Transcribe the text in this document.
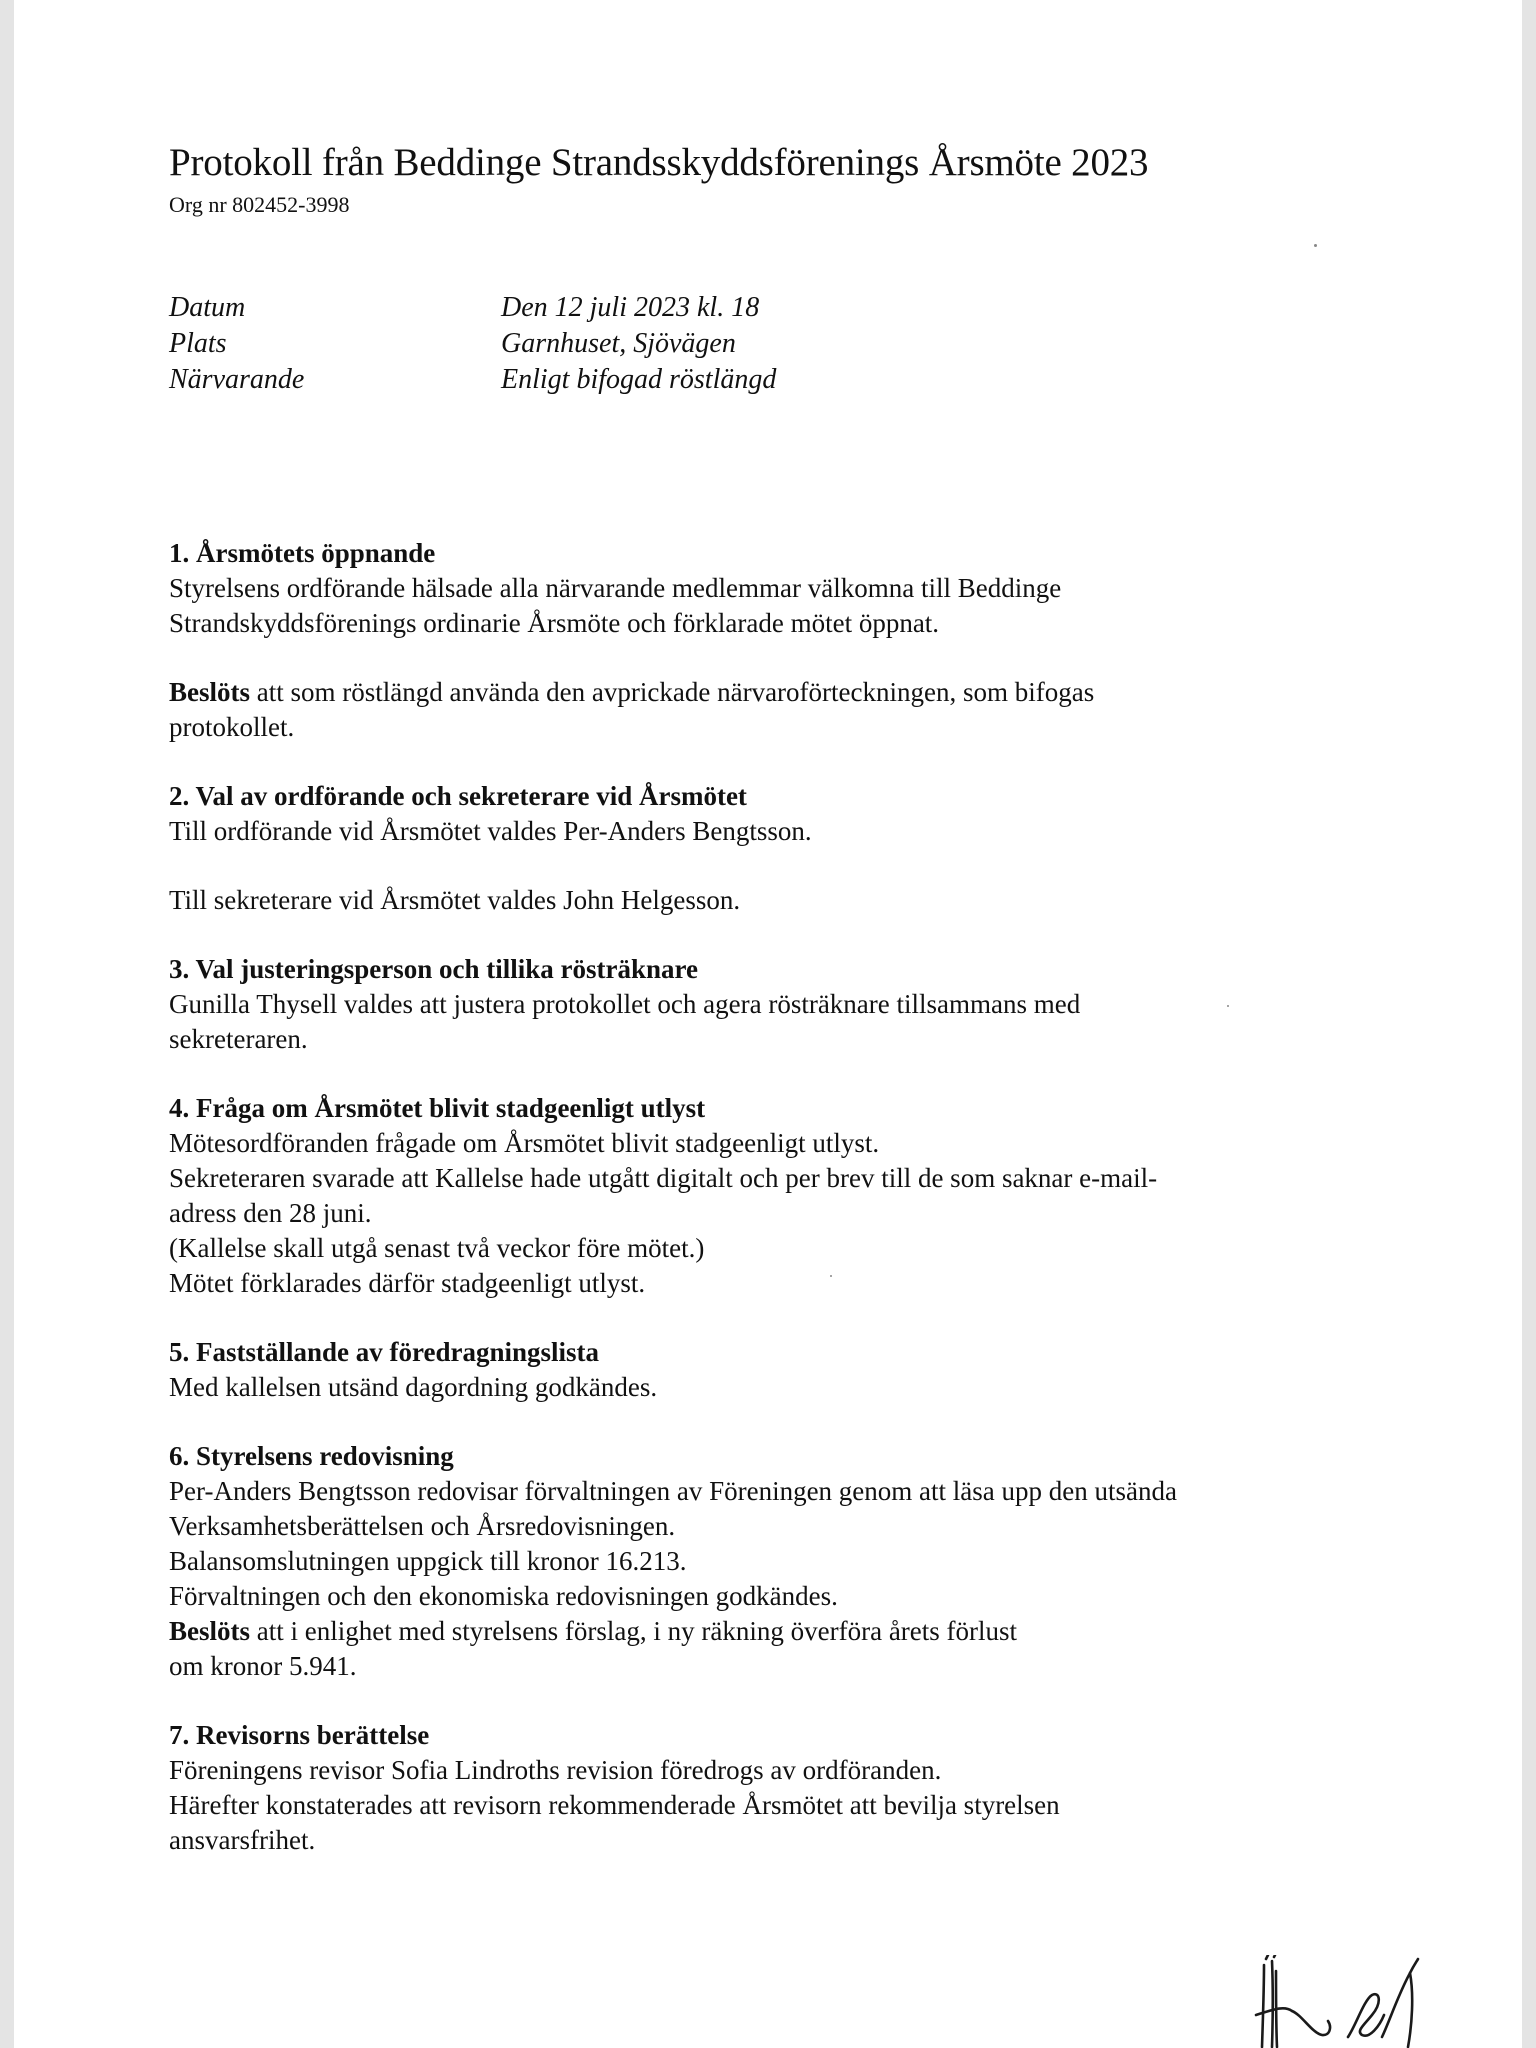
Protokoll från Beddinge Strandsskyddsförenings Årsmöte 2023
Org nr 802452-3998
Datum	Den 12 juli 2023 kl. 18
Plats	Garnhuset, Sjövägen
Närvarande	Enligt bifogad röstlängd
1. Årsmötets öppnande
Styrelsens ordförande hälsade alla närvarande medlemmar välkomna till Beddinge
Strandskyddsförenings ordinarie Årsmöte och förklarade mötet öppnat.
Beslöts att som röstlängd använda den avprickade närvaroförteckningen, som bifogas
protokollet.
2. Val av ordförande och sekreterare vid Årsmötet
Till ordförande vid Årsmötet valdes Per-Anders Bengtsson.
Till sekreterare vid Årsmötet valdes John Helgesson.
3. Val justeringsperson och tillika rösträknare
Gunilla Thysell valdes att justera protokollet och agera rösträknare tillsammans med
sekreteraren.
4. Fråga om Årsmötet blivit stadgeenligt utlyst
Mötesordföranden frågade om Årsmötet blivit stadgeenligt utlyst.
Sekreteraren svarade att Kallelse hade utgått digitalt och per brev till de som saknar e-mail-
adress den 28 juni.
(Kallelse skall utgå senast två veckor före mötet.)
Mötet förklarades därför stadgeenligt utlyst.
5. Fastställande av föredragningslista
Med kallelsen utsänd dagordning godkändes.
6. Styrelsens redovisning
Per-Anders Bengtsson redovisar förvaltningen av Föreningen genom att läsa upp den utsända
Verksamhetsberättelsen och Årsredovisningen.
Balansomslutningen uppgick till kronor 16.213.
Förvaltningen och den ekonomiska redovisningen godkändes.
Beslöts att i enlighet med styrelsens förslag, i ny räkning överföra årets förlust
om kronor 5.941.
7. Revisorns berättelse
Föreningens revisor Sofia Lindroths revision föredrogs av ordföranden.
Härefter konstaterades att revisorn rekommenderade Årsmötet att bevilja styrelsen
ansvarsfrihet.
